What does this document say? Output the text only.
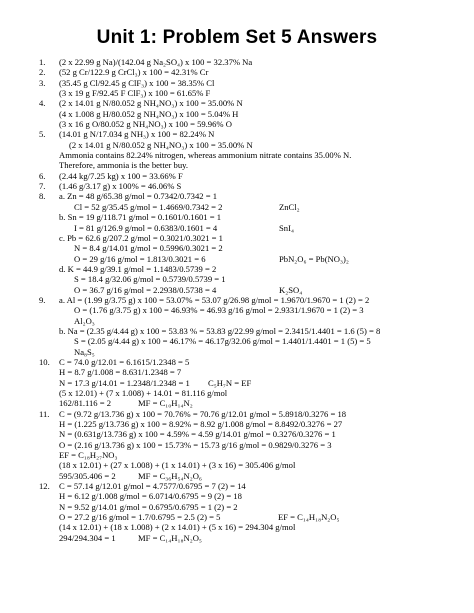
Unit 1: Problem Set 5 Answers
1. (2 x 22.99 g Na)/(142.04 g Na₂SO₄) x 100 = 32.37% Na
2. (52 g Cr/122.9 g CrCl₃) x 100 = 42.31% Cr
3. (35.45 g Cl/92.45 g ClF₃) x 100 = 38.35% Cl
(3 x 19 g F/92.45 F ClF₃) x 100 = 61.65% F
4. (2 x 14.01 g N/80.052 g NH₄NO₃) x 100 = 35.00% N
(4 x 1.008 g H/80.052 g NH₄NO₃) x 100 = 5.04% H
(3 x 16 g O/80.052 g NH₄NO₃) x 100 = 59.96% O
5. (14.01 g N/17.034 g NH₃) x 100 = 82.24% N
(2 x 14.01 g N/80.052 g NH₄NO₃) x 100 = 35.00% N
Ammonia contains 82.24% nitrogen, whereas ammonium nitrate contains 35.00% N.
Therefore, ammonia is the better buy.
6. (2.44 kg/7.25 kg) x 100 = 33.66% F
7. (1.46 g/3.17 g) x 100% = 46.06% S
8. a. Zn = 48 g/65.38 g/mol = 0.7342/0.7342 = 1
Cl = 52 g/35.45 g/mol = 1.4669/0.7342 = 2	ZnCl₂
b. Sn = 19 g/118.71 g/mol = 0.1601/0.1601 = 1
I = 81 g/126.9 g/mol = 0.6383/0.1601 = 4	SnI₄
c. Pb = 62.6 g/207.2 g/mol = 0.3021/0.3021 = 1
N = 8.4 g/14.01 g/mol = 0.5996/0.3021 = 2
O = 29 g/16 g/mol = 1.813/0.3021 = 6	PbN₂O₆ = Pb(NO₃)₂
d. K = 44.9 g/39.1 g/mol = 1.1483/0.5739 = 2
S = 18.4 g/32.06 g/mol = 0.5739/0.5739 = 1
O = 36.7 g/16 g/mol = 2.2938/0.5738 = 4	K₂SO₄
9. a. Al = (1.99 g/3.75 g) x 100 = 53.07% = 53.07 g/26.98 g/mol = 1.9670/1.9670 = 1 (2) = 2
O = (1.76 g/3.75 g) x 100 = 46.93% = 46.93 g/16 g/mol = 2.9331/1.9670 = 1 (2) = 3
Al₂O₃
b. Na = (2.35 g/4.44 g) x 100 = 53.83 % = 53.83 g/22.99 g/mol = 2.3415/1.4401 = 1.6 (5) = 8
S = (2.05 g/4.44 g) x 100 = 46.17% = 46.17g/32.06 g/mol = 1.4401/1.4401 = 1 (5) = 5
Na₈S₅
10. C = 74.0 g/12.01 = 6.1615/1.2348 = 5
H = 8.7 g/1.008 = 8.631/1.2348 = 7
N = 17.3 g/14.01 = 1.2348/1.2348 = 1 C₅H₇N = EF
(5 x 12.01) + (7 x 1.008) + 14.01 = 81.116 g/mol
162/81.116 = 2	MF = C₁₀H₁₄N₂
11. C = (9.72 g/13.736 g) x 100 = 70.76% = 70.76 g/12.01 g/mol = 5.8918/0.3276 = 18
H = (1.225 g/13.736 g) x 100 = 8.92% = 8.92 g/1.008 g/mol = 8.8492/0.3276 = 27
N = (0.631g/13.736 g) x 100 = 4.59% = 4.59 g/14.01 g/mol = 0.3276/0.3276 = 1
O = (2.16 g/13.736 g) x 100 = 15.73% = 15.73 g/16 g/mol = 0.9829/0.3276 = 3
EF = C₁₈H₂₇NO₃
(18 x 12.01) + (27 x 1.008) + (1 x 14.01) + (3 x 16) = 305.406 g/mol
595/305.406 = 2	MF = C₃₆H₅₄N₂O₆
12. C = 57.14 g/12.01 g/mol = 4.7577/0.6795 = 7 (2) = 14
H = 6.12 g/1.008 g/mol = 6.0714/0.6795 = 9 (2) = 18
N = 9.52 g/14.01 g/mol = 0.6795/0.6795 = 1 (2) = 2
O = 27.2 g/16 g/mol = 1.7/0.6795 = 2.5 (2) = 5	EF = C₁₄H₁₈N₂O₅
(14 x 12.01) + (18 x 1.008) + (2 x 14.01) + (5 x 16) = 294.304 g/mol
294/294.304 = 1	MF = C₁₄H₁₈N₂O₅
